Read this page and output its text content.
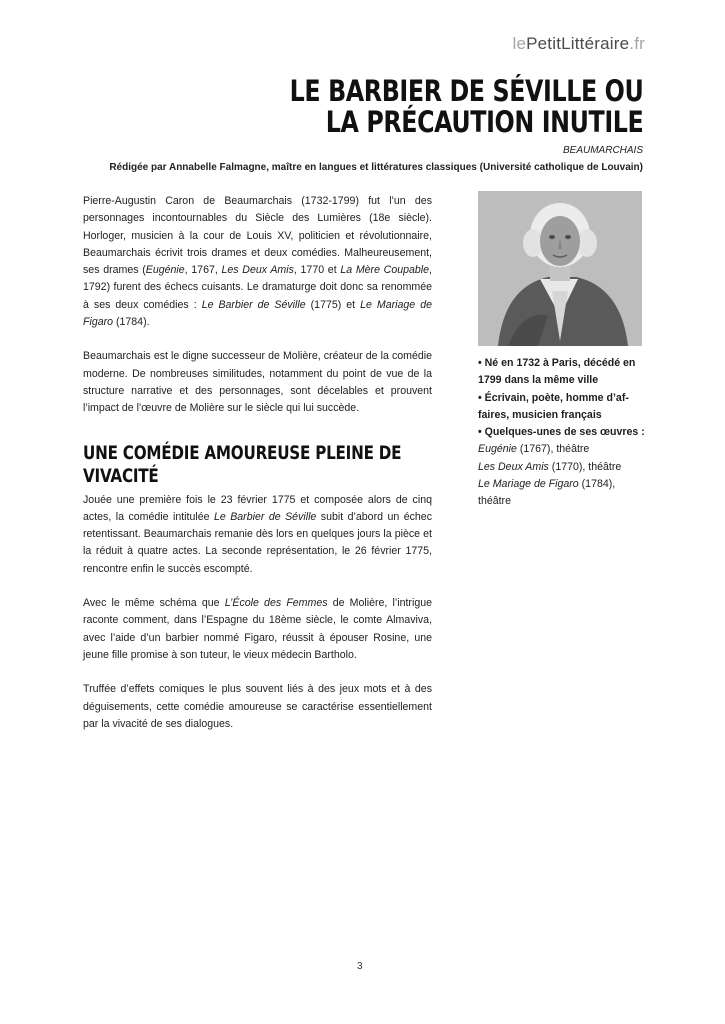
lePetitLittéraire.fr
LE BARBIER DE SÉVILLE OU
LA PRÉCAUTION INUTILE
BEAUMARCHAIS
Rédigée par Annabelle Falmagne, maître en langues et littératures classiques (Université catholique de Louvain)

Pierre-Augustin Caron de Beaumarchais (1732-1799) fut l’un des personnages incontournables du Siècle des Lumières (18e siècle). Horloger, musicien à la cour de Louis XV, politicien et révolutionnaire, Beaumarchais écrivit trois drames et deux comédies. Malheureusement, ses drames (Eugénie, 1767, Les Deux Amis, 1770 et La Mère Coupable, 1792) furent des échecs cuisants. Le dramaturge doit donc sa renommée à ses deux comédies : Le Barbier de Séville (1775) et Le Mariage de Figaro (1784).

Beaumarchais est le digne successeur de Molière, créateur de la comédie moderne. De nombreuses similitudes, notamment du point de vue de la structure narrative et des personnages, sont décelables et prouvent l’impact de l’œuvre de Molière sur le siècle qui lui succède.

UNE COMÉDIE AMOUREUSE PLEINE DE
VIVACITÉ

Jouée une première fois le 23 février 1775 et composée alors de cinq actes, la comédie intitulée Le Barbier de Séville subit d’abord un échec retentissant. Beaumarchais remanie dès lors en quelques jours la pièce et la réduit à quatre actes. La seconde représentation, le 26 février 1775, rencontre enfin le succès escompté.

Avec le même schéma que L’École des Femmes de Molière, l’intrigue raconte comment, dans l’Espagne du 18ème siècle, le comte Almaviva, avec l’aide d’un barbier nommé Figaro, réussit à épouser Rosine, une jeune fille promise à son tuteur, le vieux médecin Bartholo.

Truffée d’effets comiques le plus souvent liés à des jeux mots et à des déguisements, cette comédie amoureuse se caractérise essentiellement par la vivacité de ses dialogues.

• Né en 1732 à Paris, décédé en
1799 dans la même ville
• Écrivain, poète, homme d’af-
faires, musicien français
• Quelques-unes de ses œuvres :
Eugénie (1767), théâtre
Les Deux Amis (1770), théâtre
Le Mariage de Figaro (1784),
théâtre
3
